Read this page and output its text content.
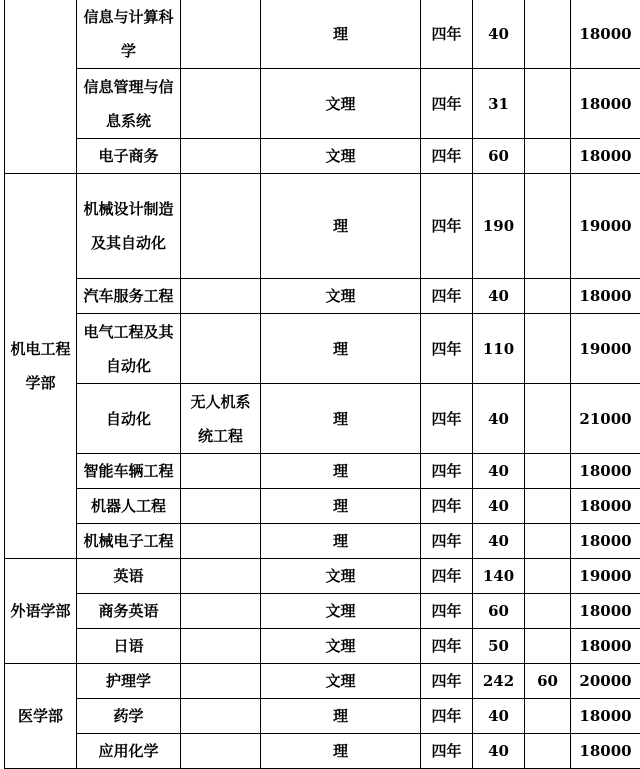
	信息与计算科学		理	四年	40		18000
	信息管理与信息系统		文理	四年	31		18000
	电子商务		文理	四年	60		18000
机电工程学部	机械设计制造及其自动化		理	四年	190		19000
	汽车服务工程		文理	四年	40		18000
	电气工程及其自动化		理	四年	110		19000
	自动化	无人机系统工程	理	四年	40		21000
	智能车辆工程		理	四年	40		18000
	机器人工程		理	四年	40		18000
	机械电子工程		理	四年	40		18000
外语学部	英语		文理	四年	140		19000
	商务英语		文理	四年	60		18000
	日语		文理	四年	50		18000
医学部	护理学		文理	四年	242	60	20000
	药学		理	四年	40		18000
	应用化学		理	四年	40		18000
